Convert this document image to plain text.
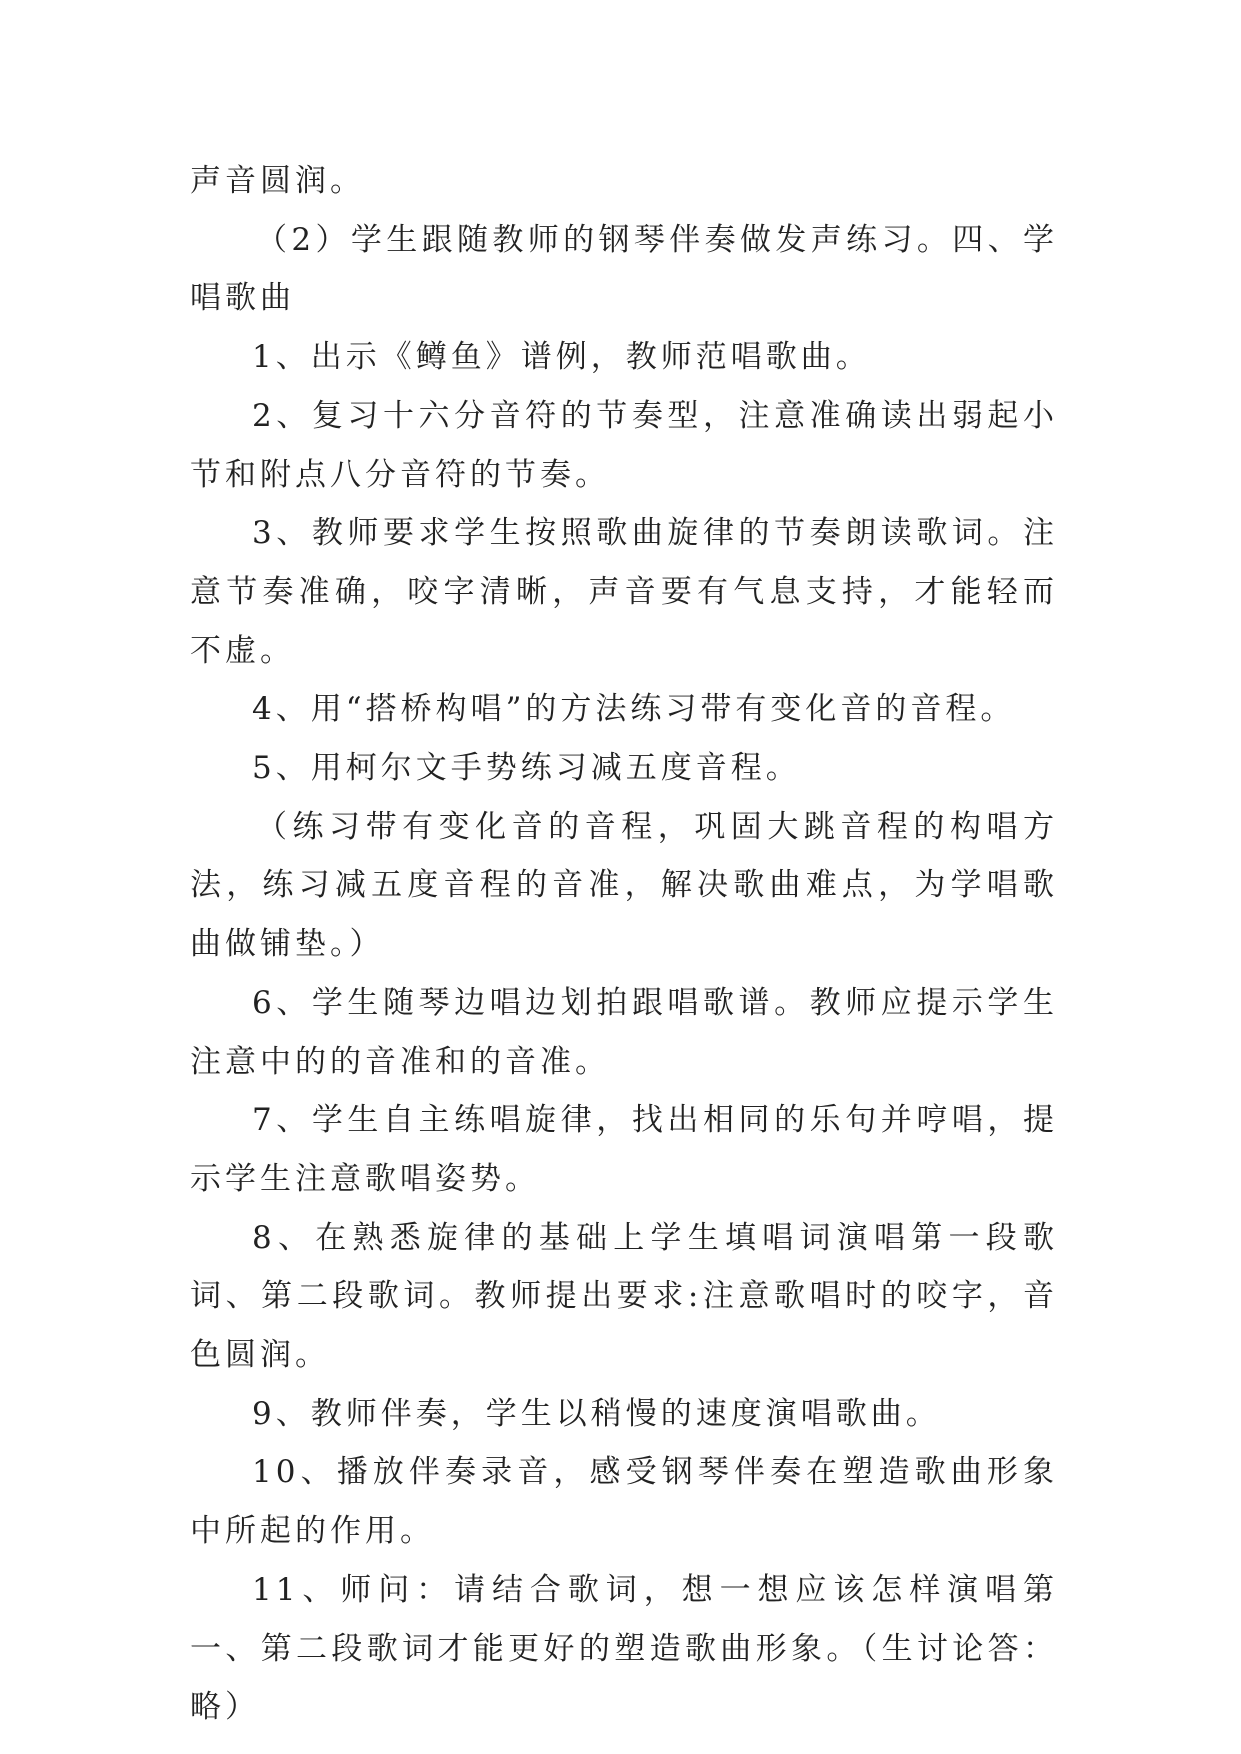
声音圆润。

（2）学生跟随教师的钢琴伴奏做发声练习。四、学唱歌曲

1、出示《鳟鱼》谱例，教师范唱歌曲。

2、复习十六分音符的节奏型，注意准确读出弱起小节和附点八分音符的节奏。

3、教师要求学生按照歌曲旋律的节奏朗读歌词。注意节奏准确，咬字清晰，声音要有气息支持，才能轻而不虚。

4、用“搭桥构唱”的方法练习带有变化音的音程。

5、用柯尔文手势练习减五度音程。

（练习带有变化音的音程，巩固大跳音程的构唱方法，练习减五度音程的音准，解决歌曲难点，为学唱歌曲做铺垫。）

6、学生随琴边唱边划拍跟唱歌谱。教师应提示学生注意中的的音准和的音准。

7、学生自主练唱旋律，找出相同的乐句并哼唱，提示学生注意歌唱姿势。

8、在熟悉旋律的基础上学生填唱词演唱第一段歌词、第二段歌词。教师提出要求:注意歌唱时的咬字，音色圆润。

9、教师伴奏，学生以稍慢的速度演唱歌曲。

10、播放伴奏录音，感受钢琴伴奏在塑造歌曲形象中所起的作用。

11、师问：请结合歌词，想一想应该怎样演唱第一、第二段歌词才能更好的塑造歌曲形象。（生讨论答：略）
